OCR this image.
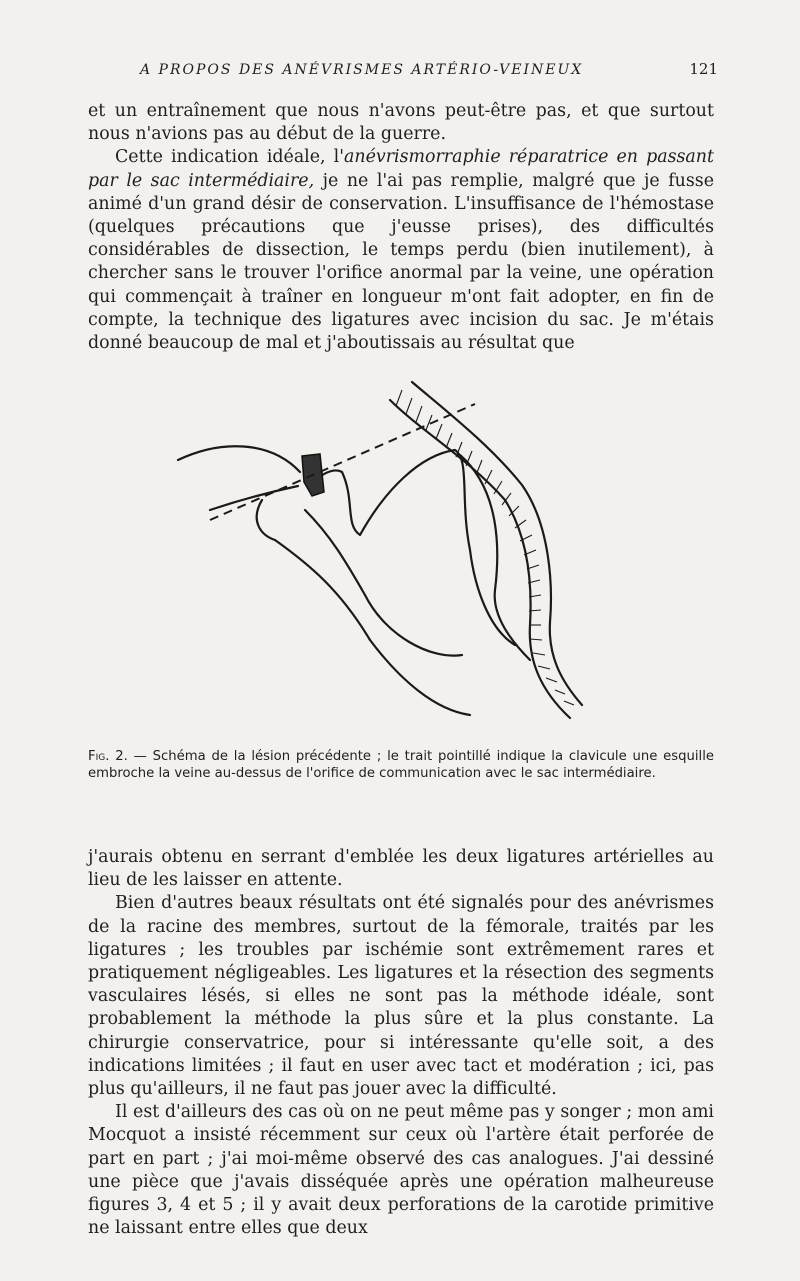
A PROPOS DES ANÉVRISMES ARTÉRIO-VEINEUX	121

et un entraînement que nous n'avons peut-être pas, et que surtout nous n'avions pas au début de la guerre.

Cette indication idéale, l'anévrismorraphie réparatrice en passant par le sac intermédiaire, je ne l'ai pas remplie, malgré que je fusse animé d'un grand désir de conservation. L'insuffisance de l'hémostase (quelques précautions que j'eusse prises), des difficultés considérables de dissection, le temps perdu (bien inutilement), à chercher sans le trouver l'orifice anormal par la veine, une opération qui commençait à traîner en longueur m'ont fait adopter, en fin de compte, la technique des ligatures avec incision du sac. Je m'étais donné beaucoup de mal et j'aboutissais au résultat que

Fig. 2. — Schéma de la lésion précédente ; le trait pointillé indique la clavicule une esquille embroche la veine au-dessus de l'orifice de communication avec le sac intermédiaire.

j'aurais obtenu en serrant d'emblée les deux ligatures artérielles au lieu de les laisser en attente.

Bien d'autres beaux résultats ont été signalés pour des anévrismes de la racine des membres, surtout de la fémorale, traités par les ligatures ; les troubles par ischémie sont extrêmement rares et pratiquement négligeables. Les ligatures et la résection des segments vasculaires lésés, si elles ne sont pas la méthode idéale, sont probablement la méthode la plus sûre et la plus constante. La chirurgie conservatrice, pour si intéressante qu'elle soit, a des indications limitées ; il faut en user avec tact et modération ; ici, pas plus qu'ailleurs, il ne faut pas jouer avec la difficulté.

Il est d'ailleurs des cas où on ne peut même pas y songer ; mon ami Mocquot a insisté récemment sur ceux où l'artère était perforée de part en part ; j'ai moi-même observé des cas analogues. J'ai dessiné une pièce que j'avais disséquée après une opération malheureuse figures 3, 4 et 5 ; il y avait deux perforations de la carotide primitive ne laissant entre elles que deux
